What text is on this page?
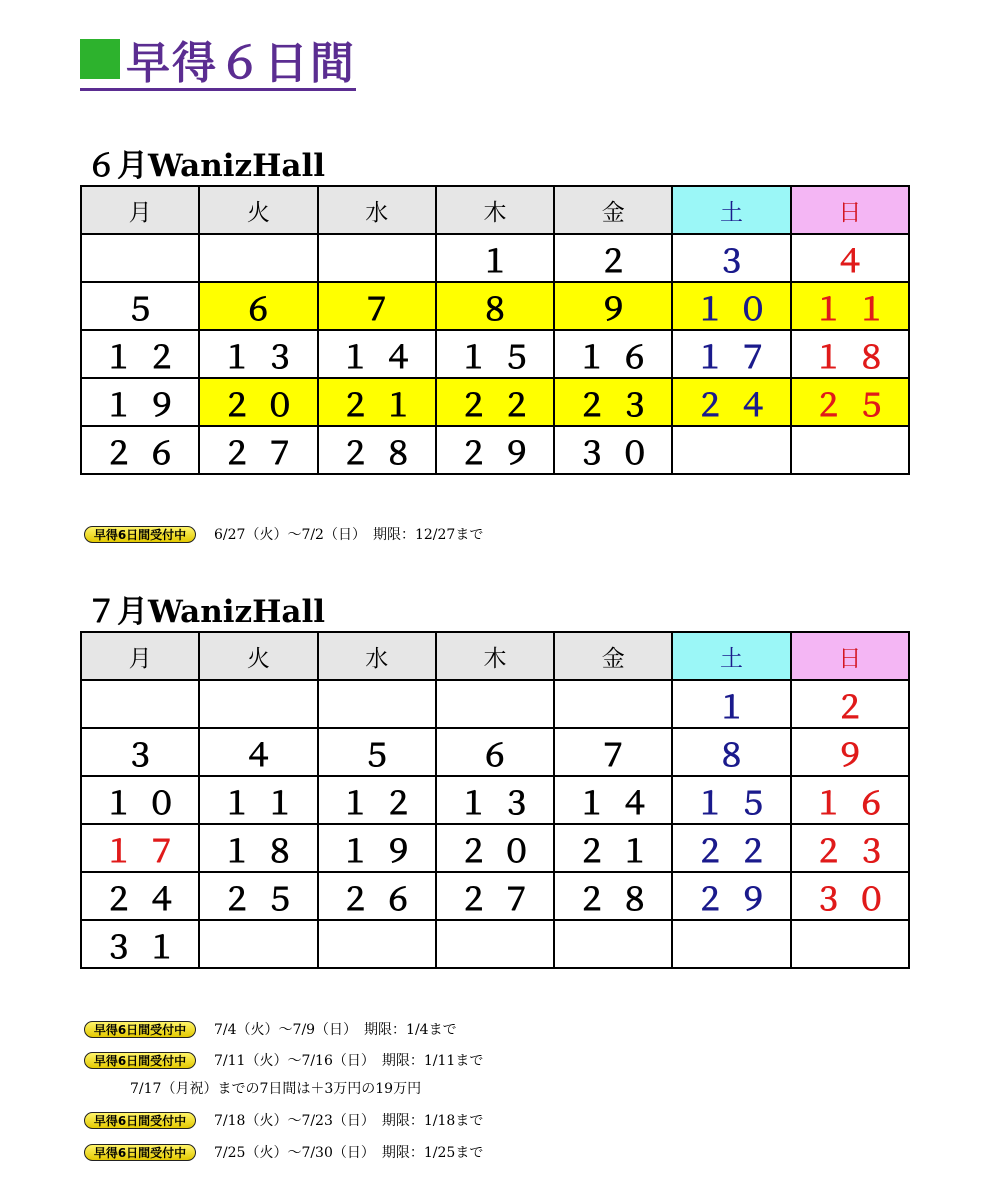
早得６日間
６月WanizHall
月	火	水	木	金	土	日
			１	２	３	４
５	６	７	８	９	１０	１１
１２	１３	１４	１５	１６	１７	１８
１９	２０	２１	２２	２３	２４	２５
２６	２７	２８	２９	３０		
早得6日間受付中	6/27（火）～7/2（日）　期限：12/27まで
７月WanizHall
月	火	水	木	金	土	日
					１	２
３	４	５	６	７	８	９
１０	１１	１２	１３	１４	１５	１６
１７	１８	１９	２０	２１	２２	２３
２４	２５	２６	２７	２８	２９	３０
３１						
早得6日間受付中	7/4（火）～7/9（日）　期限：1/4まで
早得6日間受付中	7/11（火）～7/16（日）　期限：1/11まで
7/17（月祝）までの7日間は＋3万円の19万円
早得6日間受付中	7/18（火）～7/23（日）　期限：1/18まで
早得6日間受付中	7/25（火）～7/30（日）　期限：1/25まで
